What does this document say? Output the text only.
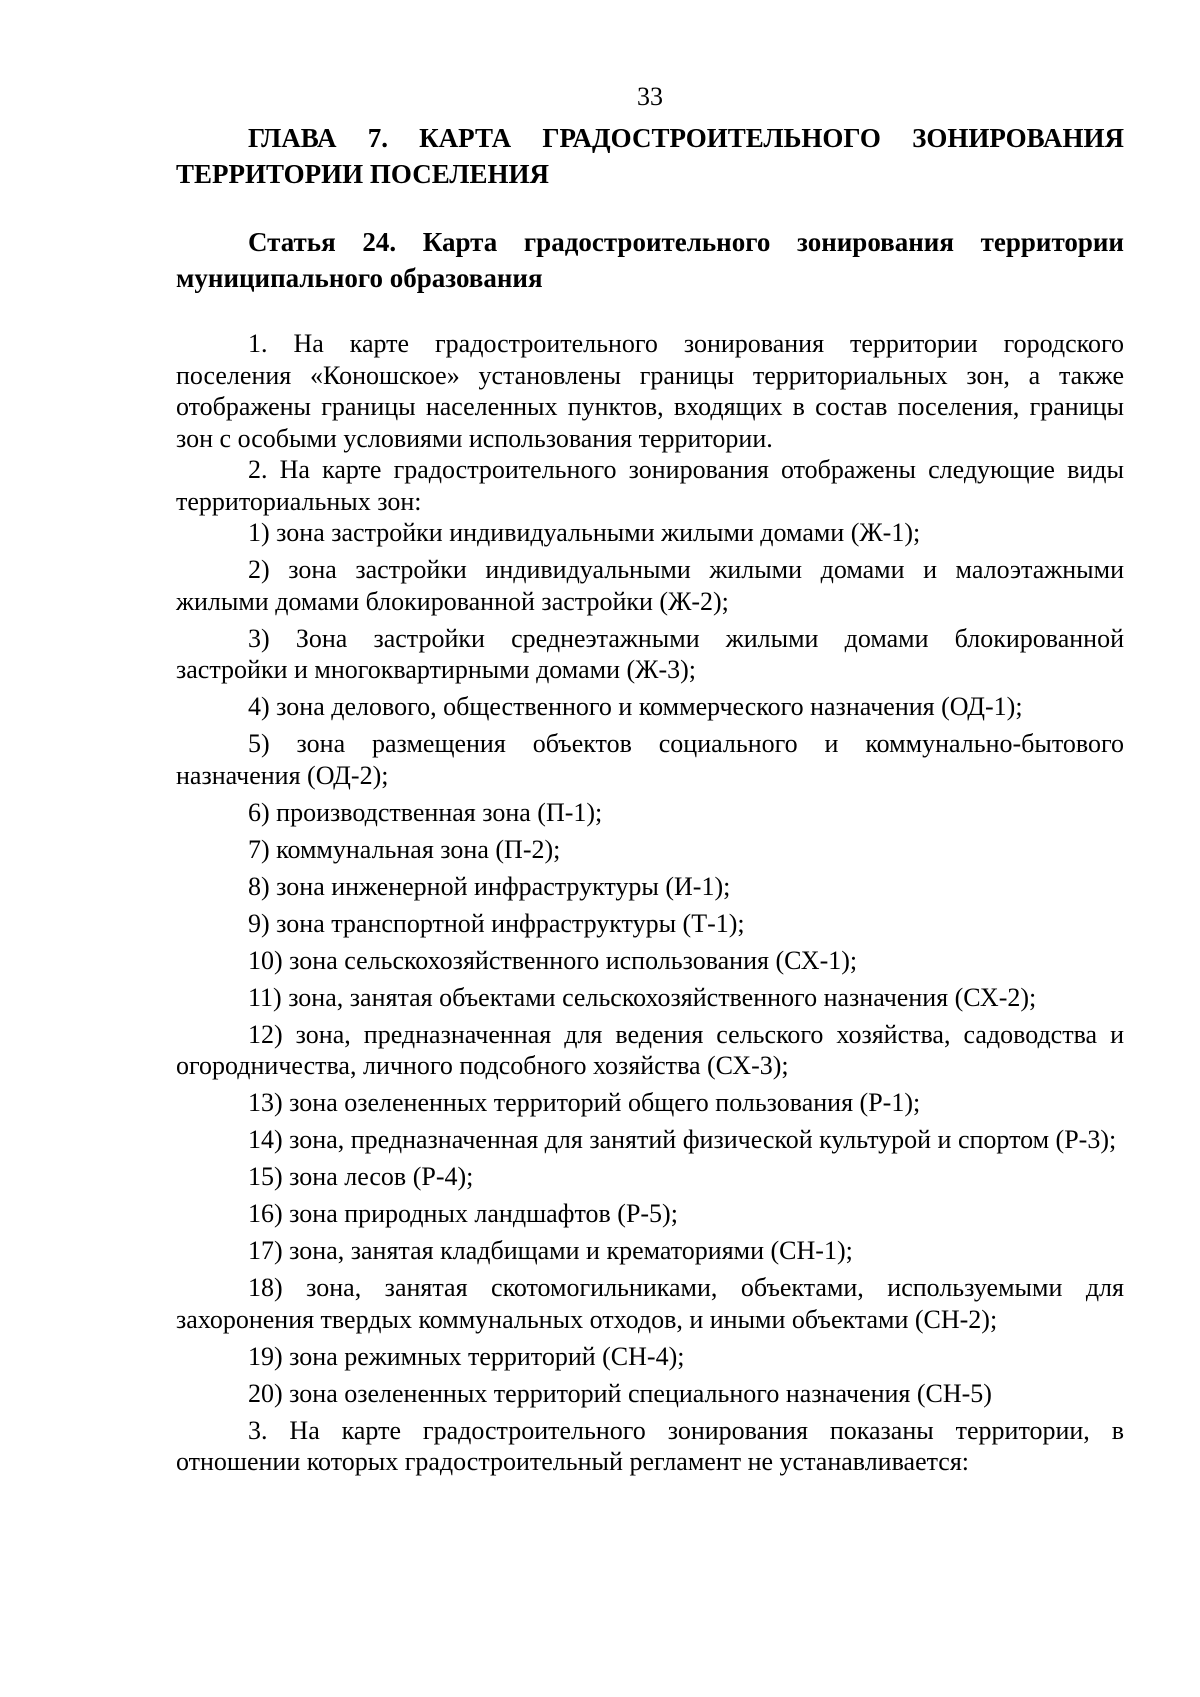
33
ГЛАВА 7. КАРТА ГРАДОСТРОИТЕЛЬНОГО ЗОНИРОВАНИЯ ТЕРРИТОРИИ ПОСЕЛЕНИЯ
Статья 24. Карта градостроительного зонирования территории муниципального образования

1. На карте градостроительного зонирования территории городского поселения «Коношское» установлены границы территориальных зон, а также отображены границы населенных пунктов, входящих в состав поселения, границы зон с особыми условиями использования территории.

2. На карте градостроительного зонирования отображены следующие виды территориальных зон:

1) зона застройки индивидуальными жилыми домами (Ж-1);

2) зона застройки индивидуальными жилыми домами и малоэтажными жилыми домами блокированной застройки (Ж-2);

3) Зона застройки среднеэтажными жилыми домами блокированной застройки и многоквартирными домами (Ж-3);

4) зона делового, общественного и коммерческого назначения (ОД-1);

5) зона размещения объектов социального и коммунально-бытового назначения (ОД-2);

6) производственная зона (П-1);

7) коммунальная зона (П-2);

8) зона инженерной инфраструктуры (И-1);

9) зона транспортной инфраструктуры (Т-1);

10) зона сельскохозяйственного использования (СХ-1);

11) зона, занятая объектами сельскохозяйственного назначения (СХ-2);

12) зона, предназначенная для ведения сельского хозяйства, садоводства и огородничества, личного подсобного хозяйства (СХ-3);

13) зона озелененных территорий общего пользования (Р-1);

14) зона, предназначенная для занятий физической культурой и спортом (Р-3);

15) зона лесов (Р-4);

16) зона природных ландшафтов (Р-5);

17) зона, занятая кладбищами и крематориями (СН-1);

18) зона, занятая скотомогильниками, объектами, используемыми для захоронения твердых коммунальных отходов, и иными объектами (СН-2);

19) зона режимных территорий (СН-4);

20) зона озелененных территорий специального назначения (СН-5)

3. На карте градостроительного зонирования показаны территории, в отношении которых градостроительный регламент не устанавливается:
